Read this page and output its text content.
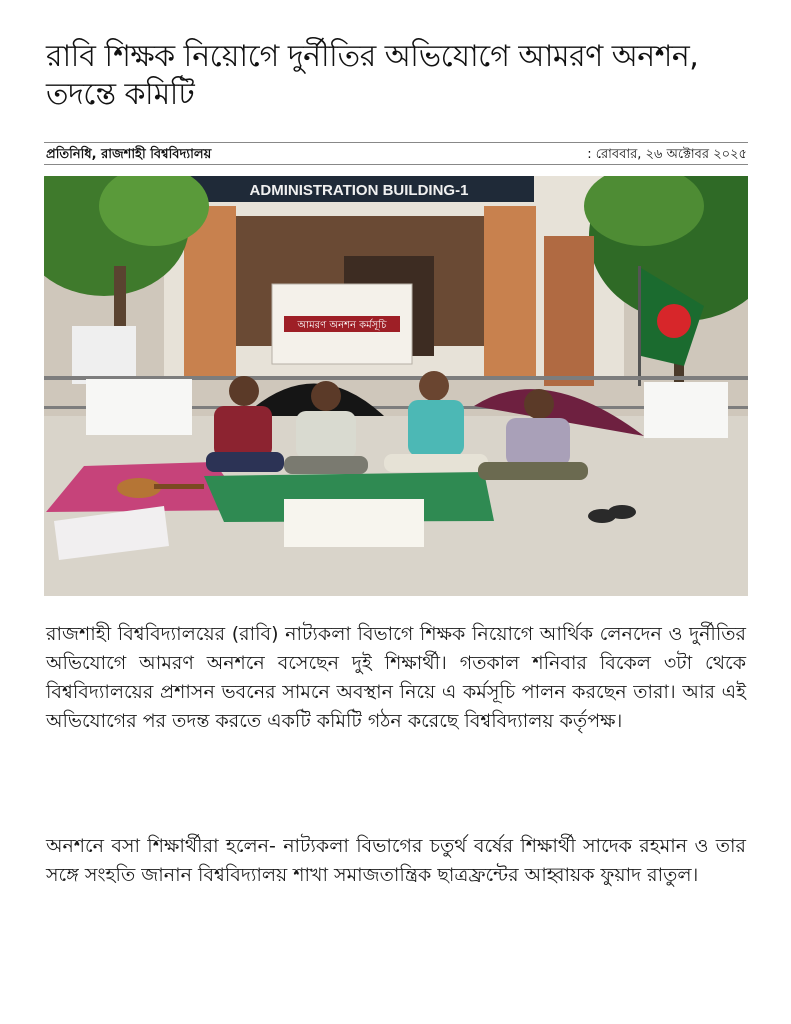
রাবি শিক্ষক নিয়োগে দুর্নীতির অভিযোগে আমরণ অনশন, তদন্তে কমিটি
প্রতিনিধি, রাজশাহী বিশ্ববিদ্যালয়	: রোববার, ২৬ অক্টোবর ২০২৫
ADMINISTRATION BUILDING-1
আমরণ অনশন কর্মসূচি

রাজশাহী বিশ্ববিদ্যালয়ের (রাবি) নাট্যকলা বিভাগে শিক্ষক নিয়োগে আর্থিক লেনদেন ও দুর্নীতির অভিযোগে আমরণ অনশনে বসেছেন দুই শিক্ষার্থী। গতকাল শনিবার বিকেল ৩টা থেকে বিশ্ববিদ্যালয়ের প্রশাসন ভবনের সামনে অবস্থান নিয়ে এ কর্মসূচি পালন করছেন তারা। আর এই অভিযোগের পর তদন্ত করতে একটি কমিটি গঠন করেছে বিশ্ববিদ্যালয় কর্তৃপক্ষ।

অনশনে বসা শিক্ষার্থীরা হলেন- নাট্যকলা বিভাগের চতুর্থ বর্ষের শিক্ষার্থী সাদেক রহমান ও তার সঙ্গে সংহতি জানান বিশ্ববিদ্যালয় শাখা সমাজতান্ত্রিক ছাত্রফ্রন্টের আহ্বায়ক ফুয়াদ রাতুল।
